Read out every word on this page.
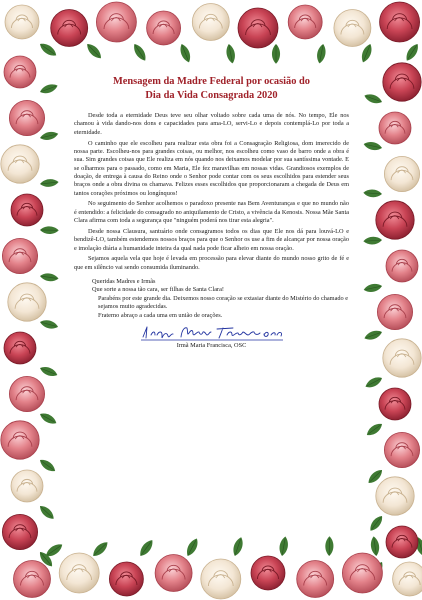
Mensagem da Madre Federal por ocasião do
Dia da Vida Consagrada 2020

Desde toda a eternidade Deus teve seu olhar voltado sobre cada uma de nós. No tempo, Ele nos chamou à vida dando-nos dons e capacidades para ama-LO, servi-Lo e depois contemplá-Lo por toda a eternidade.

O caminho que ele escolheu para realizar esta obra foi a Consagração Religiosa, dom imerecido de nossa parte. Escolheu-nos para grandes coisas, ou melhor, nos escolheu como vaso de barro onde a obra é sua. Sim grandes coisas que Ele realiza em nós quando nos deixamos modelar por sua santíssima vontade. E se olharmos para o passado, como em Maria, Ele fez maravilhas em nossas vidas. Grandiosos exemplos de doação, de entrega à causa do Reino onde o Senhor pode contar com os seus escolhidos para estender seus braços onde a obra divina os chamava. Felizes esses escolhidos que proporcionaram a chegada de Deus em tantos corações próximos ou longínquos!

No seguimento do Senhor acolhemos o paradoxo presente nas Bem Aventuranças e que no mundo não é entendido: a felicidade do consagrado no aniquilamento de Cristo, a vivência da Kenosis. Nossa Mãe Santa Clara afirma com toda a segurança que "ninguém poderá nos tirar esta alegria".

Desde nossa Clausura, santuário onde consagramos todos os dias que Ele nos dá para louvá-LO e bendizê-LO, também estendemos nossos braços para que o Senhor os use a fim de alcançar por nossa oração e imolação diária a humanidade inteira da qual nada pode ficar alheio em nossa oração.

Sejamos aquela vela que hoje é levada em processão para elevar diante do mundo nosso grito de fé e que em silêncio vai sendo consumida iluminando.

Queridas Madres e Irmãs
Que sorte a nossa tão cara, ser filhas de Santa Clara!
Parabéns por este grande dia. Deixemos nosso coração se extasiar diante do Mistério do chamado e sejamos muito agradecidas.
Fraterno abraço a cada uma em união de orações.
Irmã Maria Francisca, OSC
